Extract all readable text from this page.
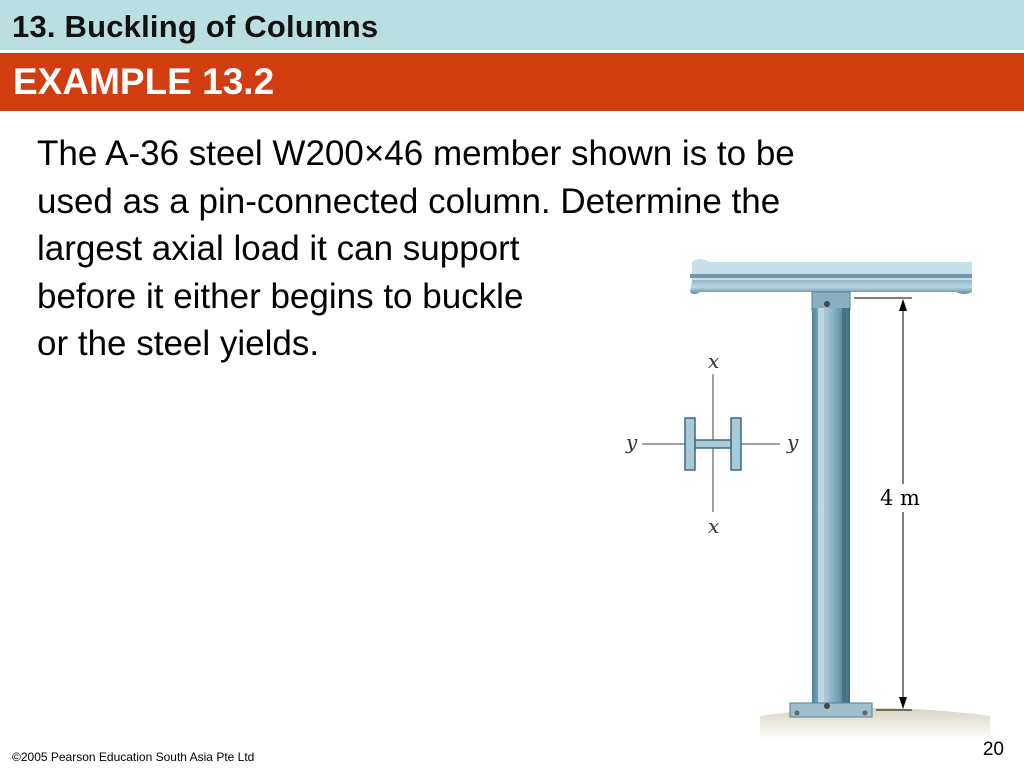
13. Buckling of Columns
EXAMPLE 13.2
The A-36 steel W200×46 member shown is to be
used as a pin-connected column. Determine the
largest axial load it can support
before it either begins to buckle
or the steel yields.
4 m
x
x
y	y
©2005 Pearson Education South Asia Pte Ltd	20
